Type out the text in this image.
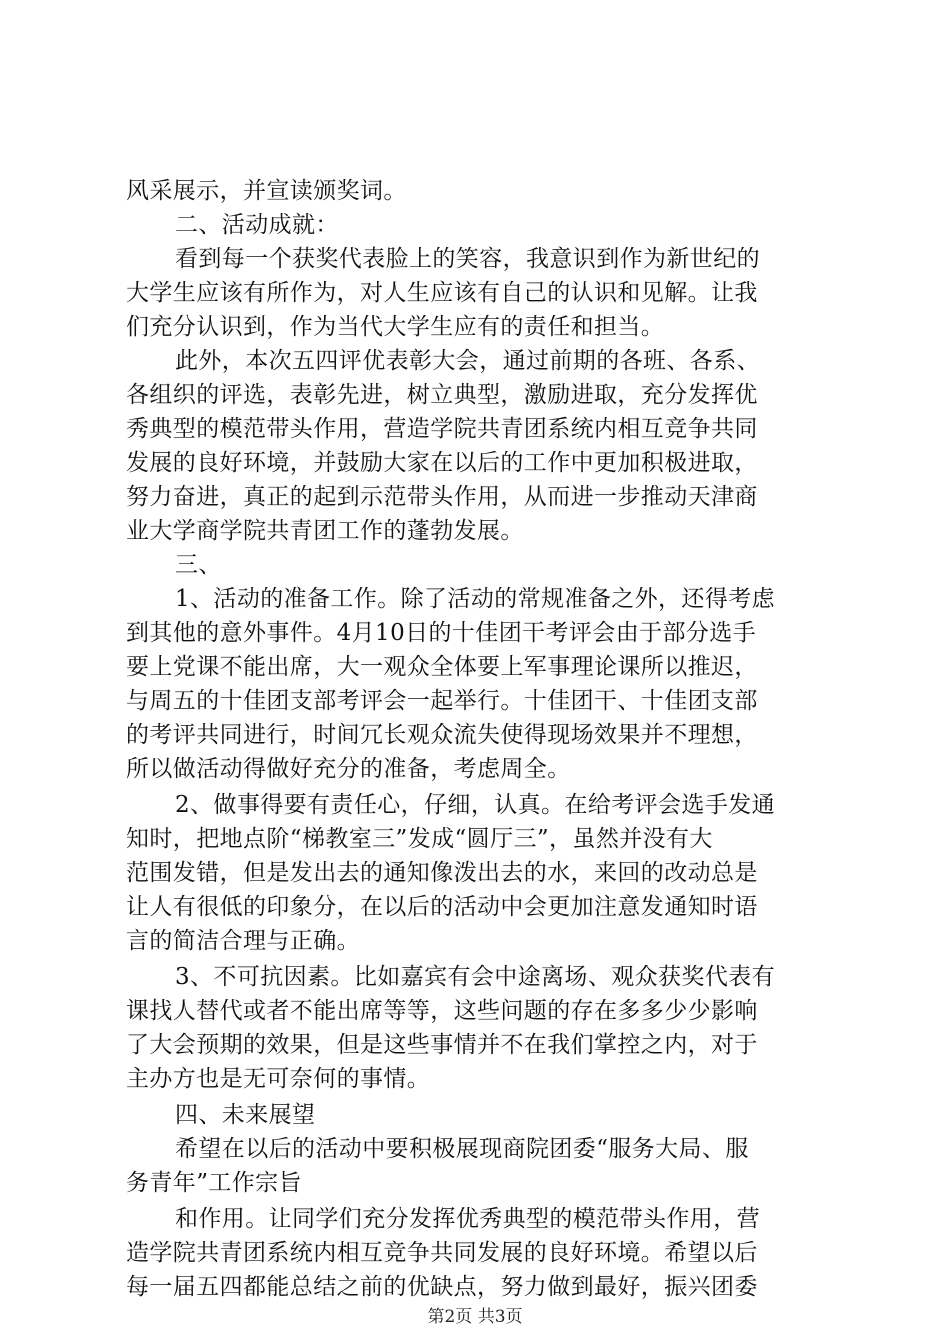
风采展示，并宣读颁奖词。
二、活动成就：
看到每一个获奖代表脸上的笑容，我意识到作为新世纪的
大学生应该有所作为，对人生应该有自己的认识和见解。让我
们充分认识到，作为当代大学生应有的责任和担当。
此外，本次五四评优表彰大会，通过前期的各班、各系、
各组织的评选，表彰先进，树立典型，激励进取，充分发挥优
秀典型的模范带头作用，营造学院共青团系统内相互竞争共同
发展的良好环境，并鼓励大家在以后的工作中更加积极进取，
努力奋进，真正的起到示范带头作用，从而进一步推动天津商
业大学商学院共青团工作的蓬勃发展。
三、
1、活动的准备工作。除了活动的常规准备之外，还得考虑
到其他的意外事件。4月10日的十佳团干考评会由于部分选手
要上党课不能出席，大一观众全体要上军事理论课所以推迟，
与周五的十佳团支部考评会一起举行。十佳团干、十佳团支部
的考评共同进行，时间冗长观众流失使得现场效果并不理想，
所以做活动得做好充分的准备，考虑周全。
2、做事得要有责任心，仔细，认真。在给考评会选手发通
知时，把地点阶“梯教室三”发成“圆厅三”，虽然并没有大
范围发错，但是发出去的通知像泼出去的水，来回的改动总是
让人有很低的印象分，在以后的活动中会更加注意发通知时语
言的简洁合理与正确。
3、不可抗因素。比如嘉宾有会中途离场、观众获奖代表有
课找人替代或者不能出席等等，这些问题的存在多多少少影响
了大会预期的效果，但是这些事情并不在我们掌控之内，对于
主办方也是无可奈何的事情。
四、未来展望
希望在以后的活动中要积极展现商院团委“服务大局、服
务青年”工作宗旨
和作用。让同学们充分发挥优秀典型的模范带头作用，营
造学院共青团系统内相互竞争共同发展的良好环境。希望以后
每一届五四都能总结之前的优缺点，努力做到最好，振兴团委
第2页 共3页
